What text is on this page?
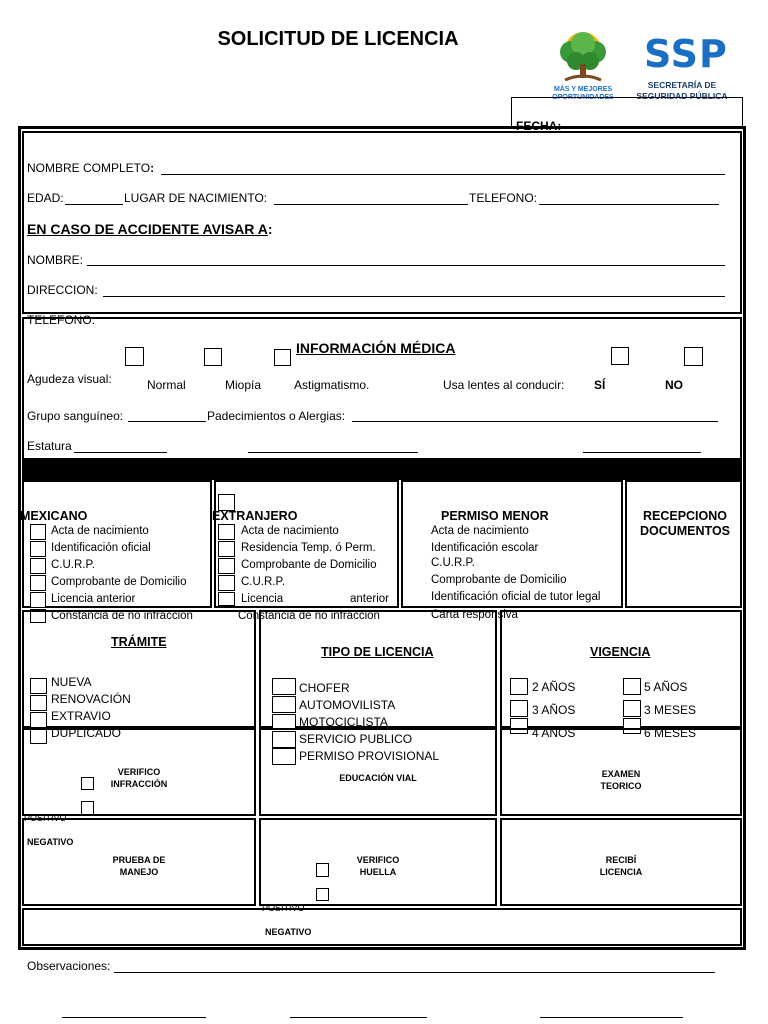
SOLICITUD DE LICENCIA
MÁS Y MEJORES OPORTUNIDADES
SSP
SECRETARÍA DE SEGURIDAD PÚBLICA
FECHA:
NOMBRE COMPLETO:
EDAD:	LUGAR DE NACIMIENTO:	TELEFONO:
EN CASO DE ACCIDENTE AVISAR A:
NOMBRE:
DIRECCION:
TELEFONO:
INFORMACIÓN MÉDICA
Agudeza visual:	Normal	Miopía	Astigmatismo.	Usa lentes al conducir: SÍ	NO
Grupo sanguíneo:	Padecimientos o Alergias:
Estatura
MEXICANO
Acta de nacimiento
Identificación oficial
C.U.R.P.
Comprobante de Domicilio
Licencia anterior
Constancia de no infracción
EXTRANJERO
Acta de nacimiento
Residencia Temp. ó Perm.
Comprobante de Domicilio
C.U.R.P.
Licencia	anterior
Constancia de no infracción
PERMISO MENOR
Acta de nacimiento
Identificación escolar
C.U.R.P.
Comprobante de Domicilio
Identificación oficial de tutor legal
Carta responsiva
RECEPCIONO DOCUMENTOS
TRÁMITE
NUEVA
RENOVACIÓN
EXTRAVIO
DUPLICADO
TIPO DE LICENCIA
CHOFER
AUTOMOVILISTA
MOTOCICLISTA
SERVICIO PUBLICO
PERMISO PROVISIONAL
VIGENCIA
2 AÑOS
3 AÑOS
4 AÑOS
5 AÑOS
3 MESES
6 MESES
VERIFICO INFRACCIÓN
POSITIVO
NEGATIVO
EDUCACIÓN VIAL	EXAMEN TEORICO
PRUEBA DE MANEJO
VERIFICO HUELLA
RECIBÍ LICENCIA
POSITIVO
NEGATIVO
Observaciones:
